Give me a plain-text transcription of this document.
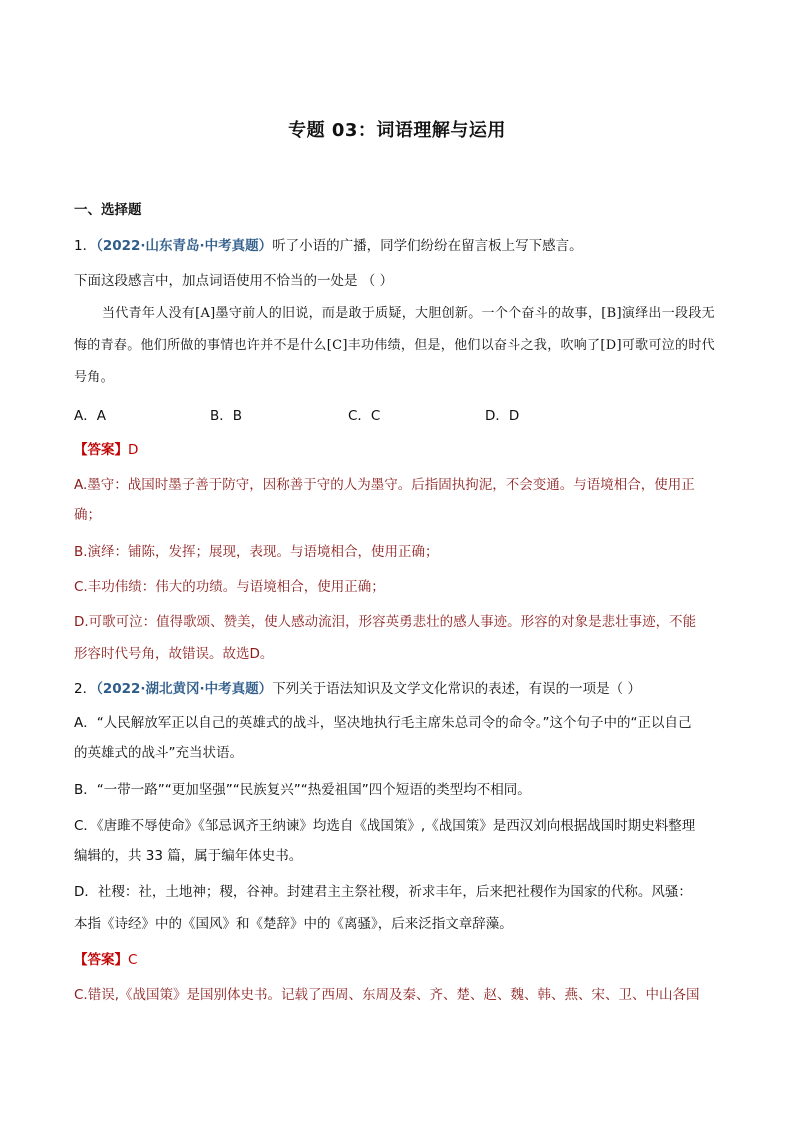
专题 03：词语理解与运用
一、选择题
1．（2022·山东青岛·中考真题）听了小语的广播，同学们纷纷在留言板上写下感言。
下面这段感言中，加点词语使用不恰当的一处是 （ ）
当代青年人没有[A]墨守前人的旧说，而是敢于质疑，大胆创新。一个个奋斗的故事，[B]演绎出一段段无悔的青春。他们所做的事情也许并不是什么[C]丰功伟绩，但是，他们以奋斗之我，吹响了[D]可歌可泣的时代号角。
A．A	B．B	C．C	D．D
【答案】D
A.墨守：战国时墨子善于防守，因称善于守的人为墨守。后指固执拘泥，不会变通。与语境相合，使用正
确；
B.演绎：铺陈，发挥；展现，表现。与语境相合，使用正确；
C.丰功伟绩：伟大的功绩。与语境相合，使用正确；
D.可歌可泣：值得歌颂、赞美，使人感动流泪，形容英勇悲壮的感人事迹。形容的对象是悲壮事迹，不能
形容时代号角，故错误。故选D。
2．（2022·湖北黄冈·中考真题）下列关于语法知识及文学文化常识的表述，有误的一项是（ ）
A．“人民解放军正以自己的英雄式的战斗，坚决地执行毛主席朱总司令的命令。”这个句子中的“正以自己
的英雄式的战斗”充当状语。
B．“一带一路”“更加坚强”“民族复兴”“热爱祖国”四个短语的类型均不相同。
C．《唐雎不辱使命》《邹忌讽齐王纳谏》均选自《战国策》,《战国策》是西汉刘向根据战国时期史料整理
编辑的，共 33 篇，属于编年体史书。
D．社稷：社，土地神；稷，谷神。封建君主主祭社稷，祈求丰年，后来把社稷作为国家的代称。风骚：
本指《诗经》中的《国风》和《楚辞》中的《离骚》，后来泛指文章辞藻。
【答案】C
C.错误,《战国策》是国别体史书。记载了西周、东周及秦、齐、楚、赵、魏、韩、燕、宋、卫、中山各国
